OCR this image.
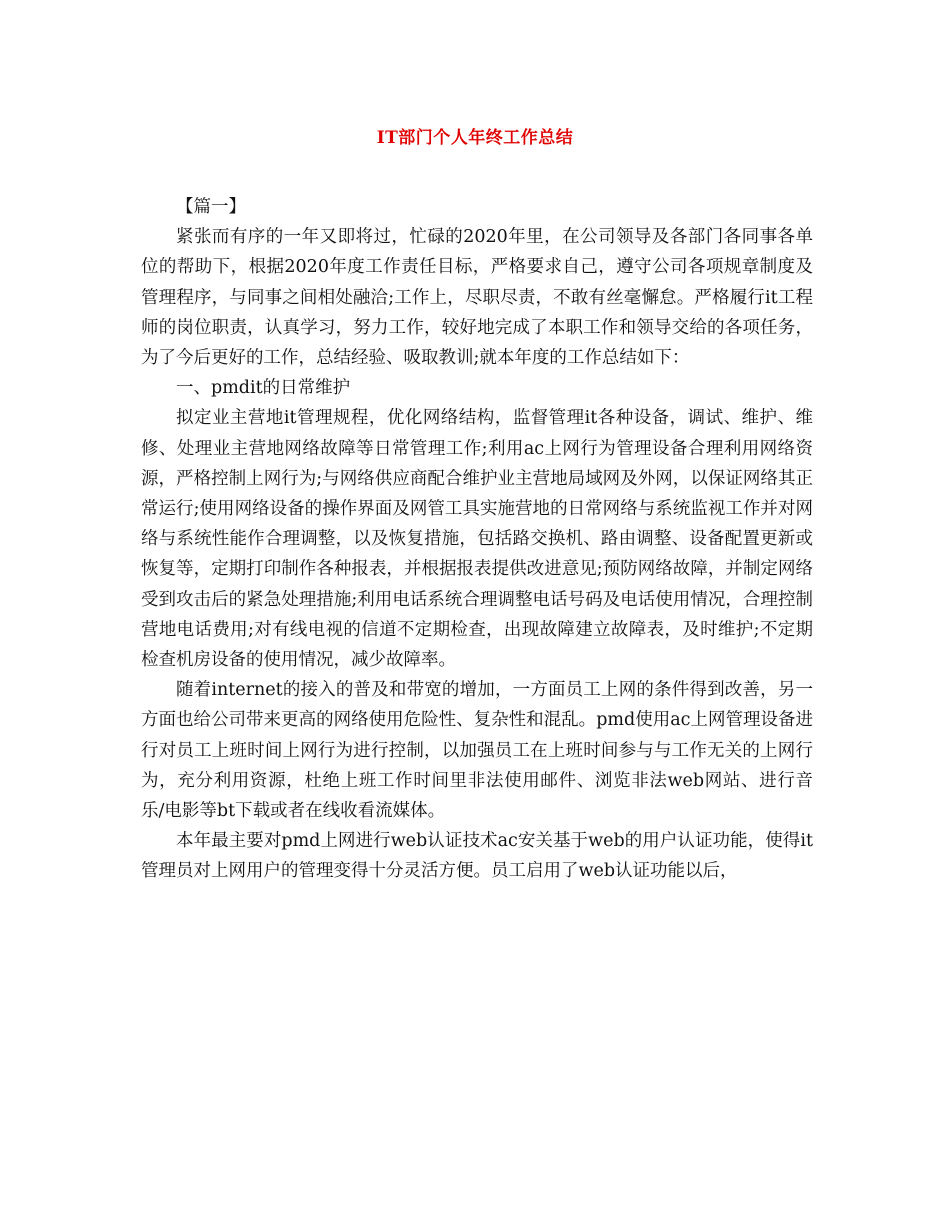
IT部门个人年终工作总结

【篇一】

紧张而有序的一年又即将过，忙碌的2020年里，在公司领导及各部门各同事各单位的帮助下，根据2020年度工作责任目标，严格要求自己，遵守公司各项规章制度及管理程序，与同事之间相处融洽;工作上，尽职尽责，不敢有丝毫懈怠。严格履行it工程师的岗位职责，认真学习，努力工作，较好地完成了本职工作和领导交给的各项任务，为了今后更好的工作，总结经验、吸取教训;就本年度的工作总结如下：

一、pmdit的日常维护

拟定业主营地it管理规程，优化网络结构，监督管理it各种设备，调试、维护、维修、处理业主营地网络故障等日常管理工作;利用ac上网行为管理设备合理利用网络资源，严格控制上网行为;与网络供应商配合维护业主营地局域网及外网，以保证网络其正常运行;使用网络设备的操作界面及网管工具实施营地的日常网络与系统监视工作并对网络与系统性能作合理调整，以及恢复措施，包括路交换机、路由调整、设备配置更新或恢复等，定期打印制作各种报表，并根据报表提供改进意见;预防网络故障，并制定网络受到攻击后的紧急处理措施;利用电话系统合理调整电话号码及电话使用情况，合理控制营地电话费用;对有线电视的信道不定期检查，出现故障建立故障表，及时维护;不定期检查机房设备的使用情况，减少故障率。

随着internet的接入的普及和带宽的增加，一方面员工上网的条件得到改善，另一方面也给公司带来更高的网络使用危险性、复杂性和混乱。pmd使用ac上网管理设备进行对员工上班时间上网行为进行控制，以加强员工在上班时间参与与工作无关的上网行为，充分利用资源，杜绝上班工作时间里非法使用邮件、浏览非法web网站、进行音乐/电影等bt下载或者在线收看流媒体。

本年最主要对pmd上网进行web认证技术ac安关基于web的用户认证功能，使得it管理员对上网用户的管理变得十分灵活方便。员工启用了web认证功能以后，
